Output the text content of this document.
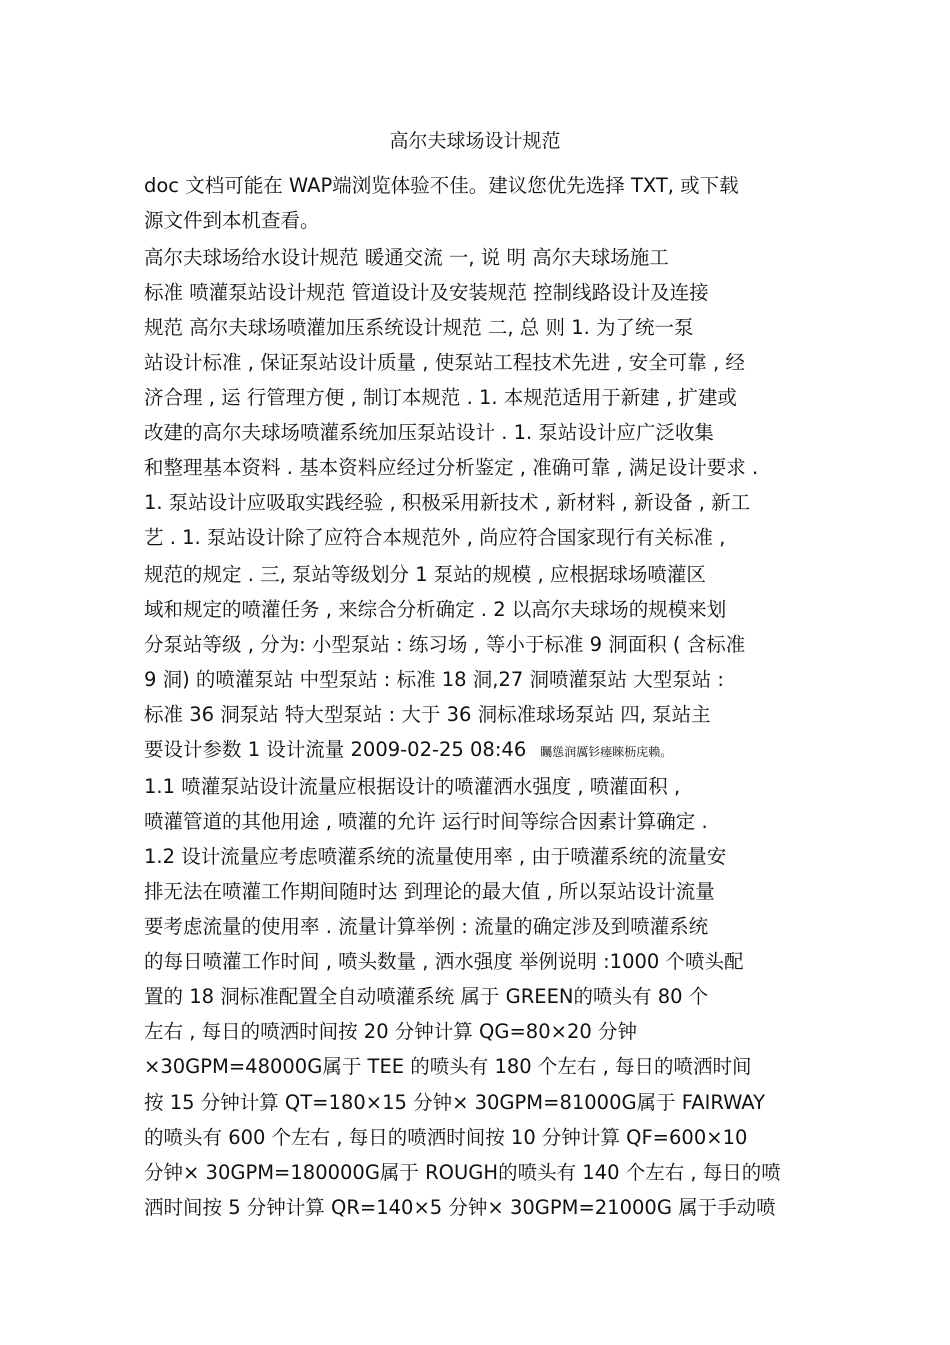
高尔夫球场设计规范
doc 文档可能在 WAP端浏览体验不佳。建议您优先选择 TXT, 或下载
源文件到本机查看。
高尔夫球场给水设计规范 暖通交流 一, 说 明 高尔夫球场施工
标准 喷灌泵站设计规范 管道设计及安装规范 控制线路设计及连接
规范 高尔夫球场喷灌加压系统设计规范 二, 总 则 1. 为了统一泵
站设计标准 , 保证泵站设计质量 , 使泵站工程技术先进 , 安全可靠 , 经
济合理 , 运 行管理方便 , 制订本规范 . 1. 本规范适用于新建 , 扩建或
改建的高尔夫球场喷灌系统加压泵站设计 . 1. 泵站设计应广泛收集
和整理基本资料 . 基本资料应经过分析鉴定 , 准确可靠 , 满足设计要求 .
1. 泵站设计应吸取实践经验 , 积极采用新技术 , 新材料 , 新设备 , 新工
艺 . 1. 泵站设计除了应符合本规范外 , 尚应符合国家现行有关标准 ,
规范的规定 . 三, 泵站等级划分 1 泵站的规模 , 应根据球场喷灌区
域和规定的喷灌任务 , 来综合分析确定 . 2 以高尔夫球场的规模来划
分泵站等级 , 分为: 小型泵站 : 练习场 , 等小于标准 9 洞面积 ( 含标准
9 洞) 的喷灌泵站 中型泵站 : 标准 18 洞,27 洞喷灌泵站 大型泵站 :
标准 36 洞泵站 特大型泵站 : 大于 36 洞标准球场泵站 四, 泵站主
要设计参数 1 设计流量 2009-02-25 08:46 矚慫润厲钐瘗睞枥庑赖。
1.1 喷灌泵站设计流量应根据设计的喷灌洒水强度 , 喷灌面积 ,
喷灌管道的其他用途 , 喷灌的允许 运行时间等综合因素计算确定 .
1.2 设计流量应考虑喷灌系统的流量使用率 , 由于喷灌系统的流量安
排无法在喷灌工作期间随时达 到理论的最大值 , 所以泵站设计流量
要考虑流量的使用率 . 流量计算举例 : 流量的确定涉及到喷灌系统
的每日喷灌工作时间 , 喷头数量 , 洒水强度 举例说明 :1000 个喷头配
置的 18 洞标准配置全自动喷灌系统 属于 GREEN的喷头有 80 个
左右 , 每日的喷洒时间按 20 分钟计算 QG=80×20 分钟
×30GPM=48000G属于 TEE 的喷头有 180 个左右 , 每日的喷洒时间
按 15 分钟计算 QT=180×15 分钟× 30GPM=81000G属于 FAIRWAY
的喷头有 600 个左右 , 每日的喷洒时间按 10 分钟计算 QF=600×10
分钟× 30GPM=180000G属于 ROUGH的喷头有 140 个左右 , 每日的喷
洒时间按 5 分钟计算 QR=140×5 分钟× 30GPM=21000G 属于手动喷
